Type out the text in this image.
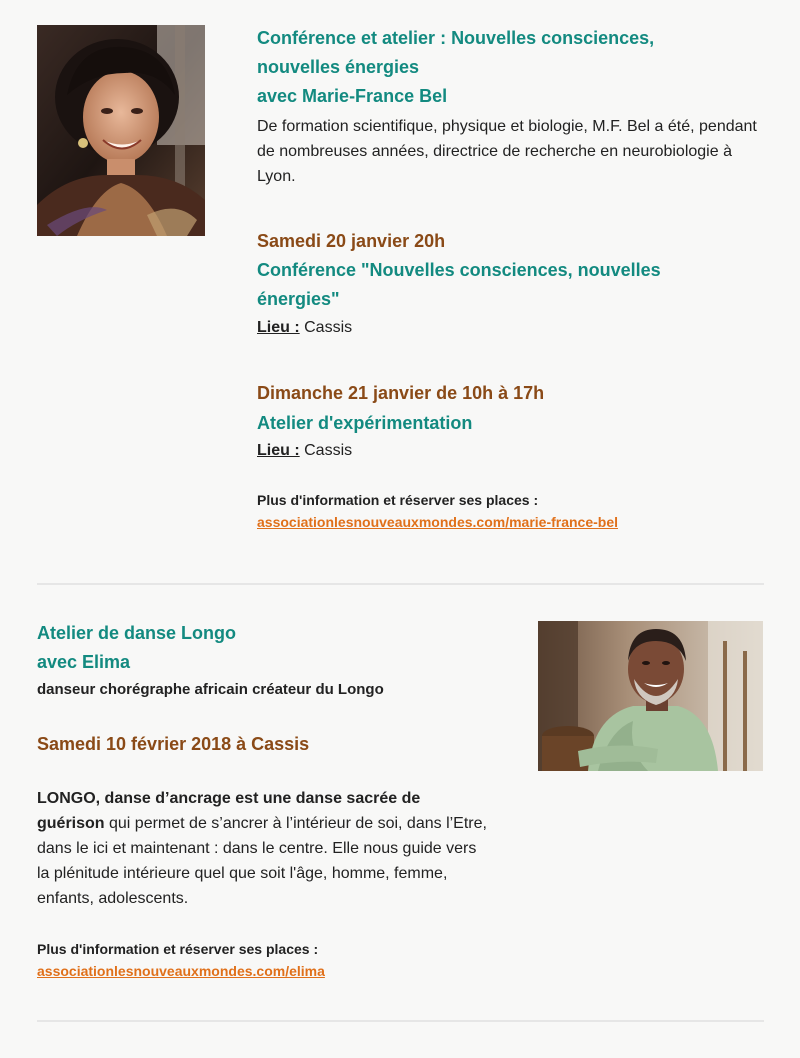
Conférence et atelier : Nouvelles consciences,
nouvelles énergies
avec Marie-France Bel
De formation scientifique, physique et biologie, M.F. Bel a été, pendant de nombreuses années, directrice de recherche en neurobiologie à Lyon.
Samedi 20 janvier 20h
Conférence "Nouvelles consciences, nouvelles
énergies"
Lieu : Cassis
Dimanche 21 janvier de 10h à 17h
Atelier d'expérimentation
Lieu : Cassis
Plus d'information et réserver ses places :
associationlesnouveauxmondes.com/marie-france-bel
Atelier de danse Longo
avec Elima
danseur chorégraphe africain créateur du Longo
Samedi 10 février 2018 à Cassis
LONGO, danse d’ancrage est une danse sacrée de guérison qui permet de s’ancrer à l’intérieur de soi, dans l’Etre, dans le ici et maintenant : dans le centre. Elle nous guide vers la plénitude intérieure quel que soit l'âge, homme, femme, enfants, adolescents.
Plus d'information et réserver ses places :
associationlesnouveauxmondes.com/elima
